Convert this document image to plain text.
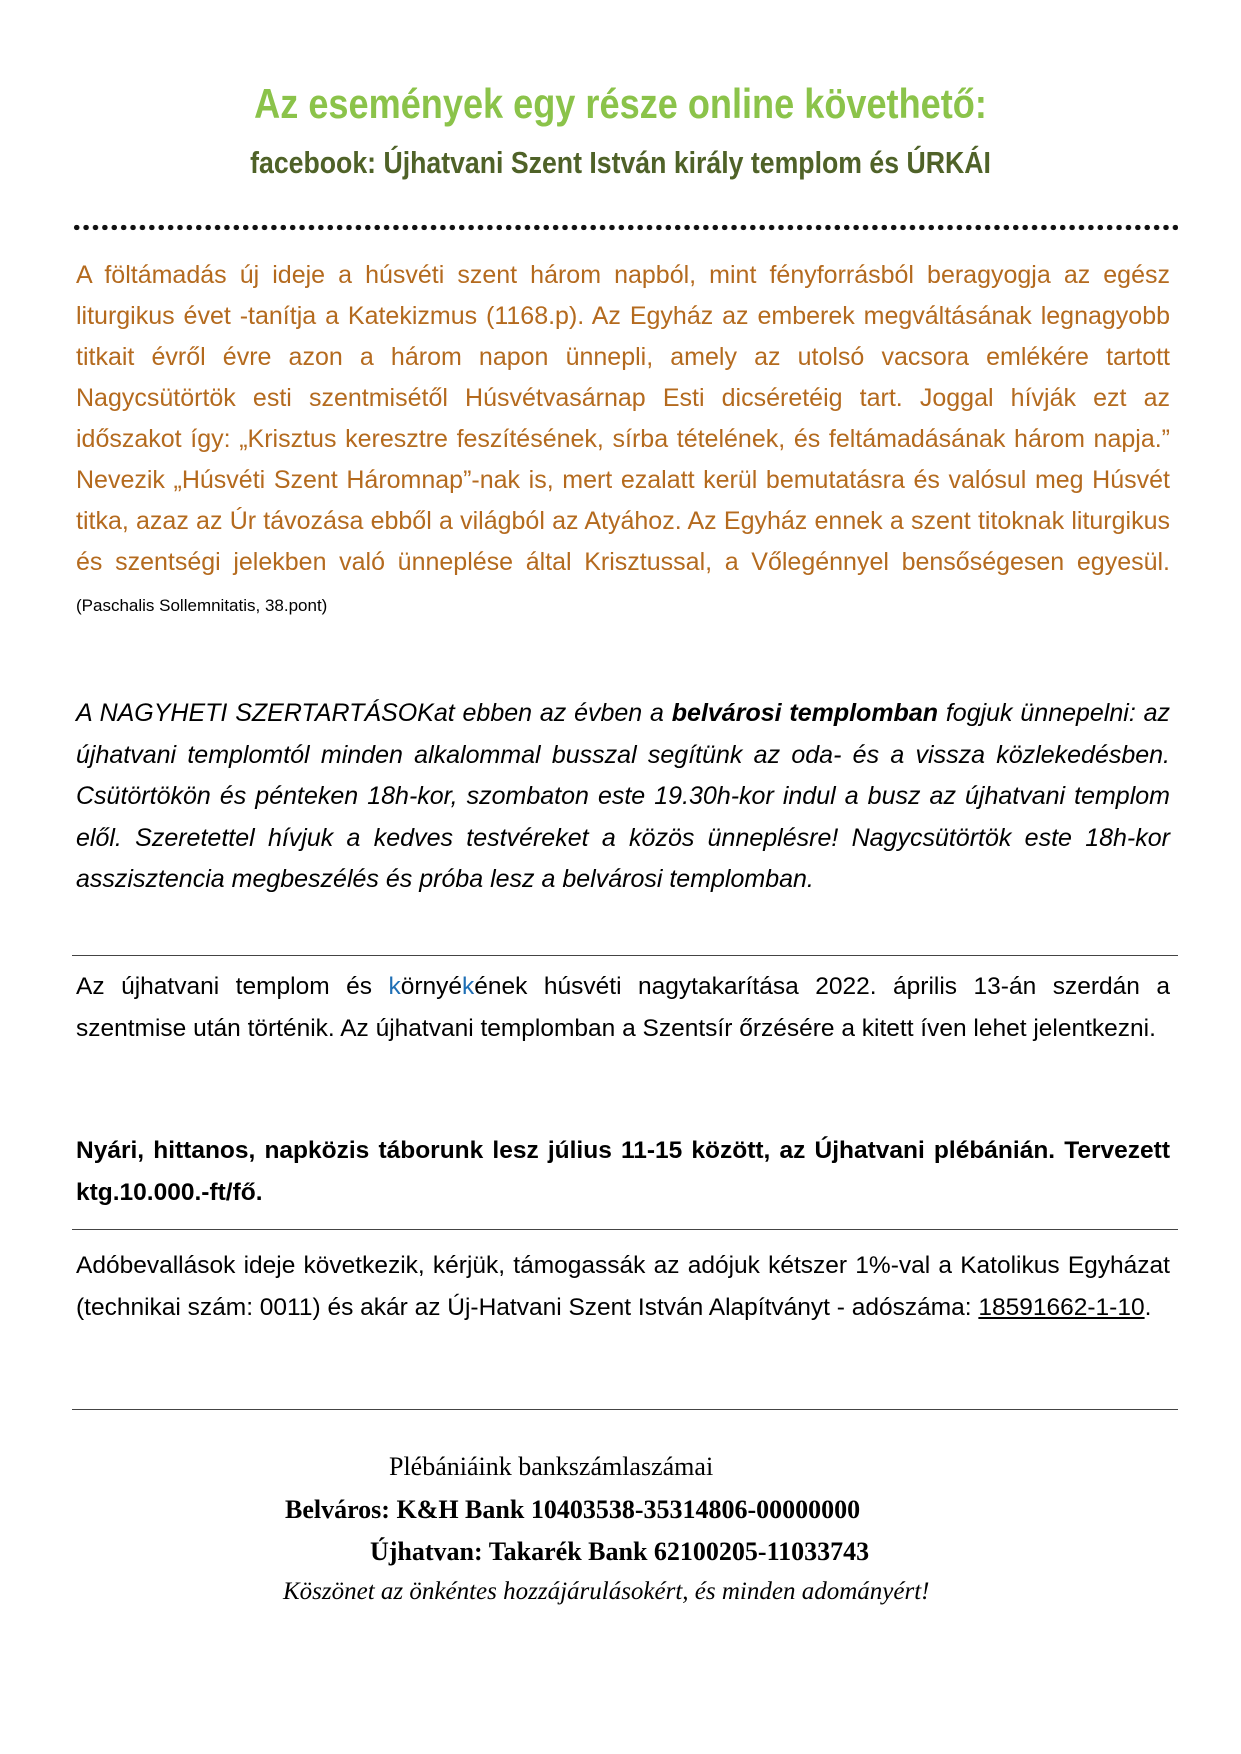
Az események egy része online követhető:
facebook: Újhatvani Szent István király templom és ÚRKÁI
A föltámadás új ideje a húsvéti szent három napból, mint fényforrásból beragyogja az egész liturgikus évet -tanítja a Katekizmus (1168.p). Az Egyház az emberek megváltásának legnagyobb titkait évről évre azon a három napon ünnepli, amely az utolsó vacsora emlékére tartott Nagycsütörtök esti szentmisétől Húsvétvasárnap Esti dicséretéig tart. Joggal hívják ezt az időszakot így: „Krisztus keresztre feszítésének, sírba tételének, és feltámadásának három napja.” Nevezik „Húsvéti Szent Háromnap”-nak is, mert ezalatt kerül bemutatásra és valósul meg Húsvét titka, azaz az Úr távozása ebből a világból az Atyához. Az Egyház ennek a szent titoknak liturgikus és szentségi jelekben való ünneplése által Krisztussal, a Vőlegénnyel bensőségesen egyesül. (Paschalis Sollemnitatis, 38.pont)
A NAGYHETI SZERTARTÁSOKat ebben az évben a belvárosi templomban fogjuk ünnepelni: az újhatvani templomtól minden alkalommal busszal segítünk az oda- és a vissza közlekedésben. Csütörtökön és pénteken 18h-kor, szombaton este 19.30h-kor indul a busz az újhatvani templom elől. Szeretettel hívjuk a kedves testvéreket a közös ünneplésre! Nagycsütörtök este 18h-kor asszisztencia megbeszélés és próba lesz a belvárosi templomban.
Az újhatvani templom és környékének húsvéti nagytakarítása 2022. április 13-án szerdán a szentmise után történik. Az újhatvani templomban a Szentsír őrzésére a kitett íven lehet jelentkezni.
Nyári, hittanos, napközis táborunk lesz július 11-15 között, az Újhatvani plébánián. Tervezett ktg.10.000.-ft/fő.
Adóbevallások ideje következik, kérjük, támogassák az adójuk kétszer 1%-val a Katolikus Egyházat (technikai szám: 0011) és akár az Új-Hatvani Szent István Alapítványt - adószáma: 18591662-1-10.
Plébániáink bankszámlaszámai
Belváros: K&H Bank 10403538-35314806-00000000
Újhatvan: Takarék Bank 62100205-11033743
Köszönet az önkéntes hozzájárulásokért, és minden adományért!
